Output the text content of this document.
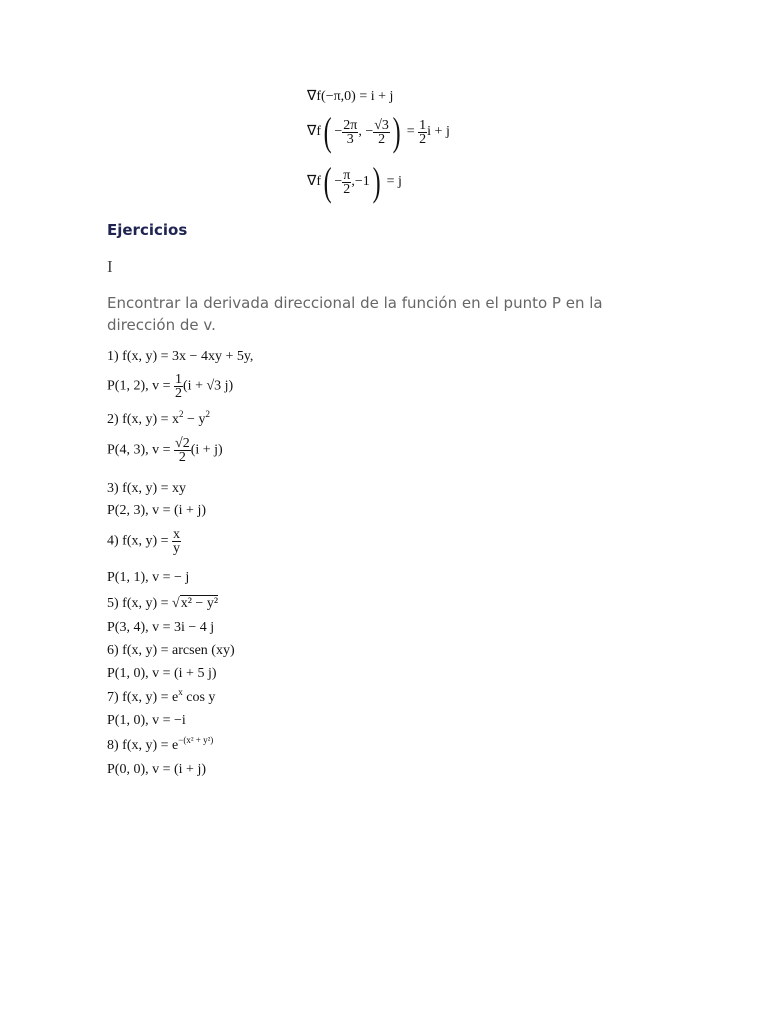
∇f(−π,0) = i + j
$\nabla f( - \frac{2\pi}{3}$ , − $\frac{√3}{2}$ ) = $\frac{1}{2}$ i + j
$\nabla f( - \frac{\pi}{2} ,-1) = j$
Ejercicios
I
Encontrar la derivada direccional de la función en el punto P en la dirección de v.
1) f(x, y) = 3x − 4xy + 5y,
P(1, 2), $v = \frac{1}{2} (i + √3$ j)
2) f(x, $y) = x^2 - y^2$
P(4, 3), $v = \frac{√2}{2} (i + j)$
3) f(x, y) = xy
P(2, 3), v = (i + j)
4) f(x, $y) = \frac{x}{y}$
P(1, 1), v = − j
5) f(x, y) = √x² − y²
P(3, 4), v = 3i − 4 j
6) f(x, y) = arcsen (xy)
P(1, 0), v = (i + 5 j)
7) f(x, $y) = e^x$ cos y
P(1, 0), v = −i
8) f(x, $y) = e^{-(x^2 + y^2)}$
P(0, 0), v = (i + j)
